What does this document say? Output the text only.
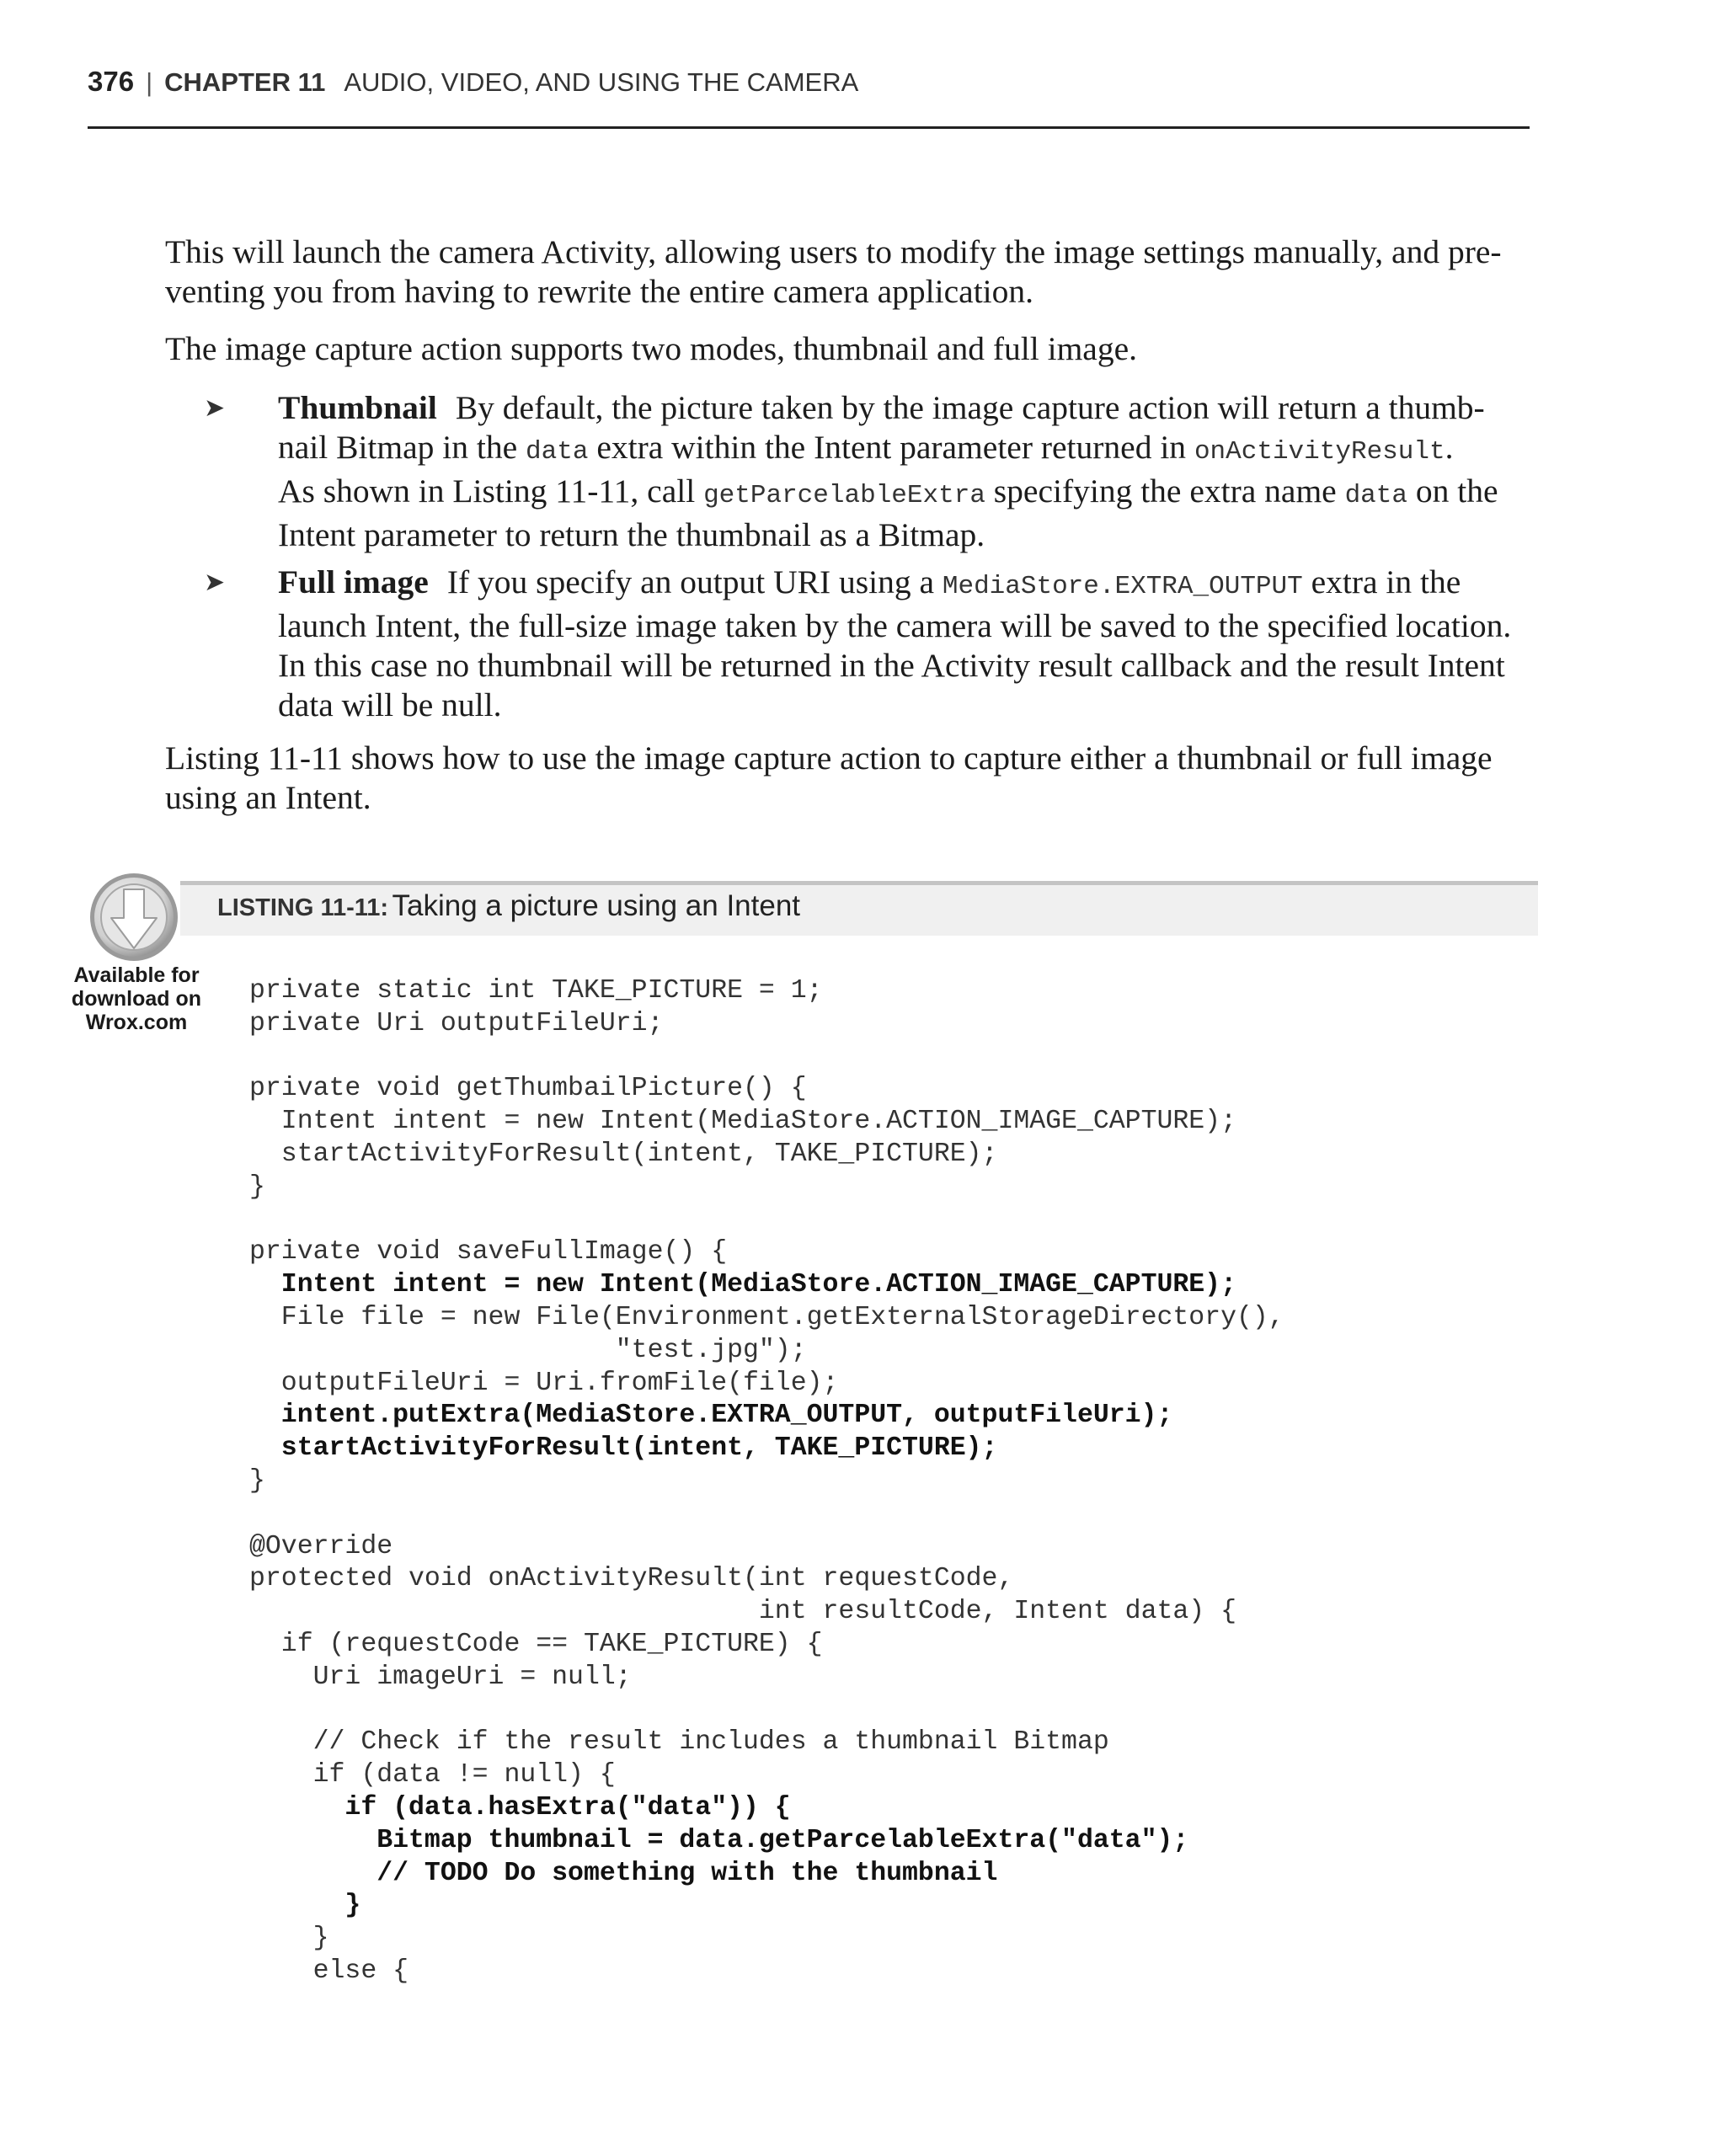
376 | CHAPTER 11 AUDIO, VIDEO, AND USING THE CAMERA
This will launch the camera Activity, allowing users to modify the image settings manually, and pre-
venting you from having to rewrite the entire camera application.
The image capture action supports two modes, thumbnail and full image.
➤ Thumbnail By default, the picture taken by the image capture action will return a thumb-
nail Bitmap in the data extra within the Intent parameter returned in onActivityResult.
As shown in Listing 11-11, call getParcelableExtra specifying the extra name data on the
Intent parameter to return the thumbnail as a Bitmap.
➤ Full image If you specify an output URI using a MediaStore.EXTRA_OUTPUT extra in the
launch Intent, the full-size image taken by the camera will be saved to the specified location.
In this case no thumbnail will be returned in the Activity result callback and the result Intent
data will be null.
Listing 11-11 shows how to use the image capture action to capture either a thumbnail or full image
using an Intent.
LISTING 11-11: Taking a picture using an Intent
Available for
download on
Wrox.com
private static int TAKE_PICTURE = 1;
private Uri outputFileUri;
private void getThumbailPicture() {
Intent intent = new Intent(MediaStore.ACTION_IMAGE_CAPTURE);
startActivityForResult(intent, TAKE_PICTURE);
}
private void saveFullImage() {
Intent intent = new Intent(MediaStore.ACTION_IMAGE_CAPTURE);
File file = new File(Environment.getExternalStorageDirectory(),
"test.jpg");
outputFileUri = Uri.fromFile(file);
intent.putExtra(MediaStore.EXTRA_OUTPUT, outputFileUri);
startActivityForResult(intent, TAKE_PICTURE);
}
@Override
protected void onActivityResult(int requestCode,
int resultCode, Intent data) {
if (requestCode == TAKE_PICTURE) {
Uri imageUri = null;
// Check if the result includes a thumbnail Bitmap
if (data != null) {
if (data.hasExtra("data")) {
Bitmap thumbnail = data.getParcelableExtra("data");
// TODO Do something with the thumbnail
}
}
else {
